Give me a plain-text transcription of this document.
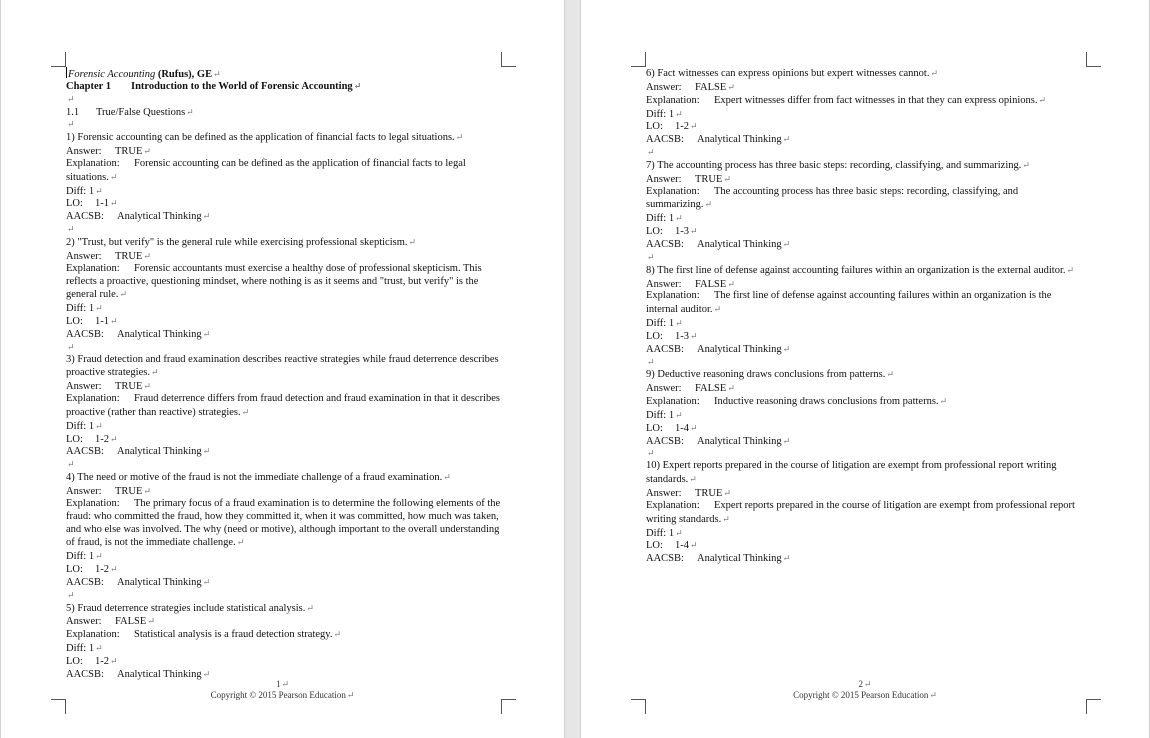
Forensic Accounting (Rufus), GE↵
Chapter 1 Introduction to the World of Forensic Accounting↵
↵
1.1 True/False Questions↵
↵
1) Forensic accounting can be defined as the application of financial facts to legal situations.↵
Answer: TRUE↵
Explanation: Forensic accounting can be defined as the application of financial facts to legal situations.↵
Diff: 1↵
LO: 1-1↵
AACSB: Analytical Thinking↵
↵
2) "Trust, but verify" is the general rule while exercising professional skepticism.↵
Answer: TRUE↵
Explanation: Forensic accountants must exercise a healthy dose of professional skepticism. This reflects a proactive, questioning mindset, where nothing is as it seems and "trust, but verify" is the general rule.↵
Diff: 1↵
LO: 1-1↵
AACSB: Analytical Thinking↵
↵
3) Fraud detection and fraud examination describes reactive strategies while fraud deterrence describes proactive strategies.↵
Answer: TRUE↵
Explanation: Fraud deterrence differs from fraud detection and fraud examination in that it describes proactive (rather than reactive) strategies.↵
Diff: 1↵
LO: 1-2↵
AACSB: Analytical Thinking↵
↵
4) The need or motive of the fraud is not the immediate challenge of a fraud examination.↵
Answer: TRUE↵
Explanation: The primary focus of a fraud examination is to determine the following elements of the fraud: who committed the fraud, how they committed it, when it was committed, how much was taken, and who else was involved. The why (need or motive), although important to the overall understanding of fraud, is not the immediate challenge.↵
Diff: 1↵
LO: 1-2↵
AACSB: Analytical Thinking↵
↵
5) Fraud deterrence strategies include statistical analysis.↵
Answer: FALSE↵
Explanation: Statistical analysis is a fraud detection strategy.↵
Diff: 1↵
LO: 1-2↵
AACSB: Analytical Thinking↵
1↵
Copyright © 2015 Pearson Education↵
6) Fact witnesses can express opinions but expert witnesses cannot.↵
Answer: FALSE↵
Explanation: Expert witnesses differ from fact witnesses in that they can express opinions.↵
Diff: 1↵
LO: 1-2↵
AACSB: Analytical Thinking↵
↵
7) The accounting process has three basic steps: recording, classifying, and summarizing.↵
Answer: TRUE↵
Explanation: The accounting process has three basic steps: recording, classifying, and summarizing.↵
Diff: 1↵
LO: 1-3↵
AACSB: Analytical Thinking↵
↵
8) The first line of defense against accounting failures within an organization is the external auditor.↵
Answer: FALSE↵
Explanation: The first line of defense against accounting failures within an organization is the internal auditor.↵
Diff: 1↵
LO: 1-3↵
AACSB: Analytical Thinking↵
↵
9) Deductive reasoning draws conclusions from patterns.↵
Answer: FALSE↵
Explanation: Inductive reasoning draws conclusions from patterns.↵
Diff: 1↵
LO: 1-4↵
AACSB: Analytical Thinking↵
↵
10) Expert reports prepared in the course of litigation are exempt from professional report writing standards.↵
Answer: TRUE↵
Explanation: Expert reports prepared in the course of litigation are exempt from professional report writing standards.↵
Diff: 1↵
LO: 1-4↵
AACSB: Analytical Thinking↵
2↵
Copyright © 2015 Pearson Education↵
